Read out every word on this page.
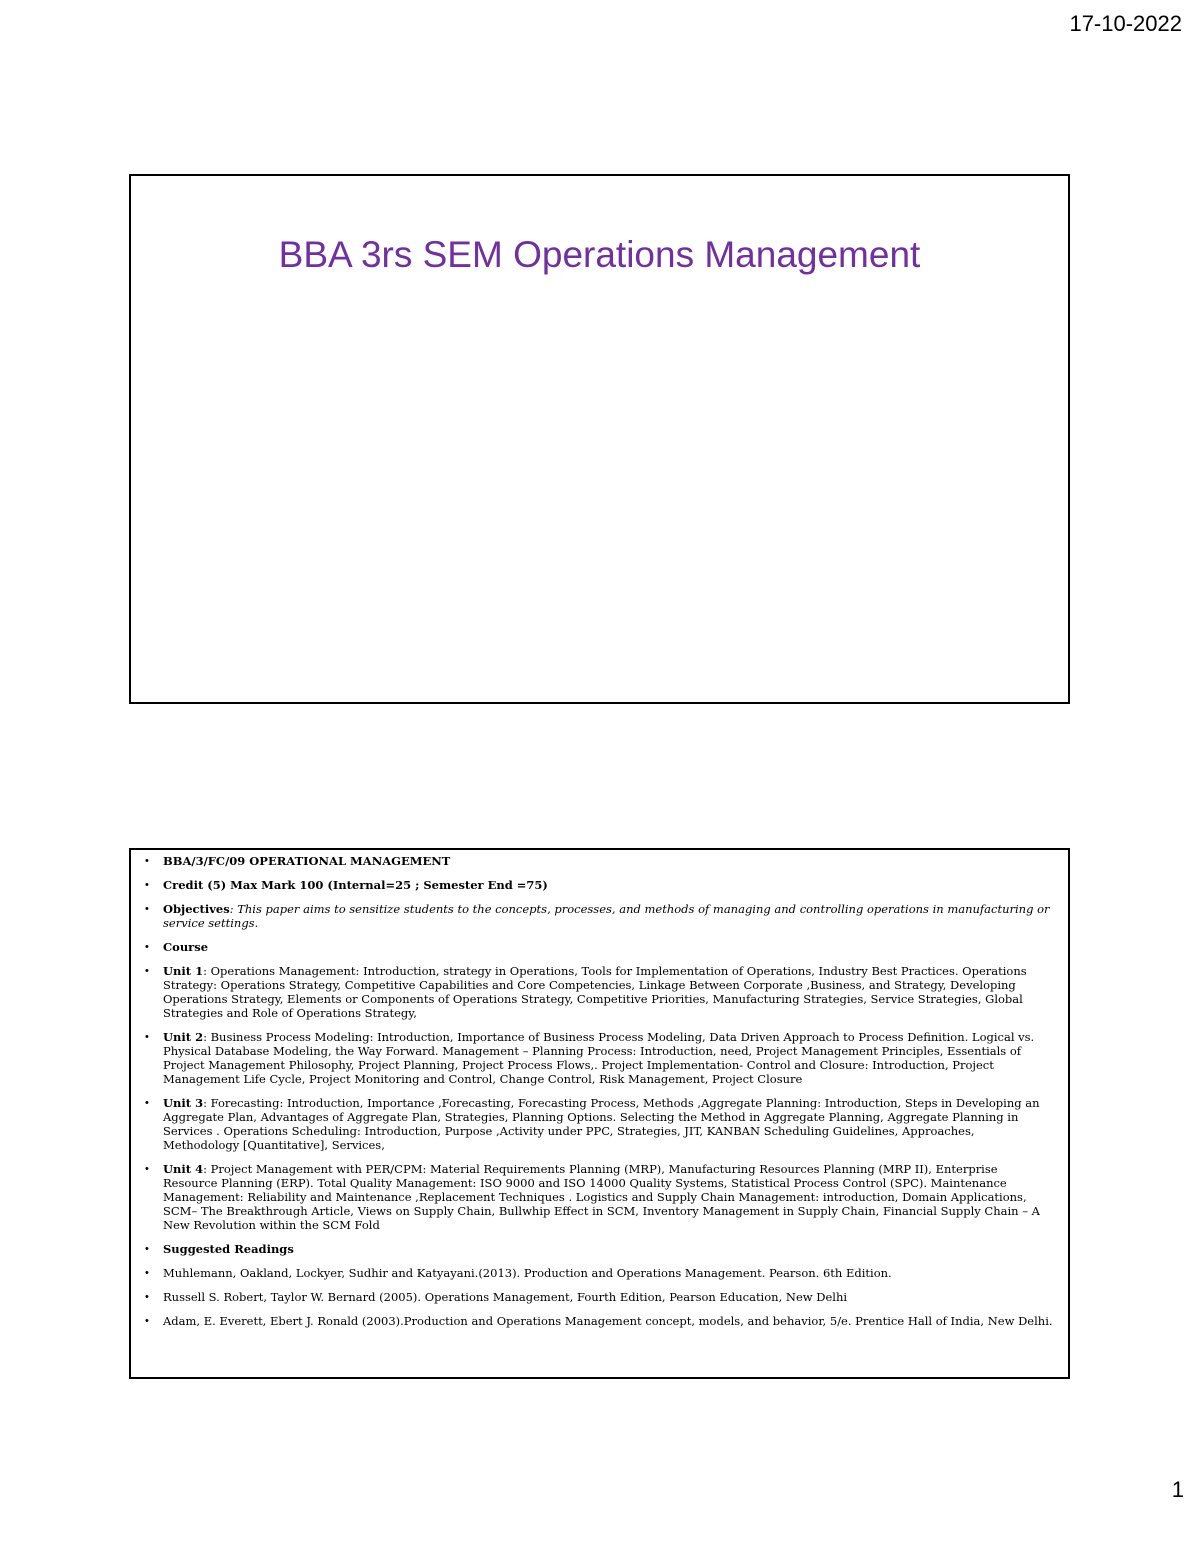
17-10-2022
BBA 3rs SEM Operations Management
• BBA/3/FC/09 OPERATIONAL MANAGEMENT
• Credit (5) Max Mark 100 (Internal=25 ; Semester End =75)
• Objectives: This paper aims to sensitize students to the concepts, processes, and methods of managing and controlling operations in manufacturing or service settings.
• Course
• Unit 1: Operations Management: Introduction, strategy in Operations, Tools for Implementation of Operations, Industry Best Practices. Operations Strategy: Operations Strategy, Competitive Capabilities and Core Competencies, Linkage Between Corporate ,Business, and Strategy, Developing Operations Strategy, Elements or Components of Operations Strategy, Competitive Priorities, Manufacturing Strategies, Service Strategies, Global Strategies and Role of Operations Strategy,
• Unit 2: Business Process Modeling: Introduction, Importance of Business Process Modeling, Data Driven Approach to Process Definition. Logical vs. Physical Database Modeling, the Way Forward. Management – Planning Process: Introduction, need, Project Management Principles, Essentials of Project Management Philosophy, Project Planning, Project Process Flows,. Project Implementation- Control and Closure: Introduction, Project Management Life Cycle, Project Monitoring and Control, Change Control, Risk Management, Project Closure
• Unit 3: Forecasting: Introduction, Importance ,Forecasting, Forecasting Process, Methods ,Aggregate Planning: Introduction, Steps in Developing an Aggregate Plan, Advantages of Aggregate Plan, Strategies, Planning Options. Selecting the Method in Aggregate Planning, Aggregate Planning in Services . Operations Scheduling: Introduction, Purpose ,Activity under PPC, Strategies, JIT, KANBAN Scheduling Guidelines, Approaches, Methodology [Quantitative], Services,
• Unit 4: Project Management with PER/CPM: Material Requirements Planning (MRP), Manufacturing Resources Planning (MRP II), Enterprise Resource Planning (ERP). Total Quality Management: ISO 9000 and ISO 14000 Quality Systems, Statistical Process Control (SPC). Maintenance Management: Reliability and Maintenance ,Replacement Techniques . Logistics and Supply Chain Management: introduction, Domain Applications, SCM– The Breakthrough Article, Views on Supply Chain, Bullwhip Effect in SCM, Inventory Management in Supply Chain, Financial Supply Chain – A New Revolution within the SCM Fold
• Suggested Readings
• Muhlemann, Oakland, Lockyer, Sudhir and Katyayani.(2013). Production and Operations Management. Pearson. 6th Edition.
• Russell S. Robert, Taylor W. Bernard (2005). Operations Management, Fourth Edition, Pearson Education, New Delhi
• Adam, E. Everett, Ebert J. Ronald (2003).Production and Operations Management concept, models, and behavior, 5/e. Prentice Hall of India, New Delhi.
1
